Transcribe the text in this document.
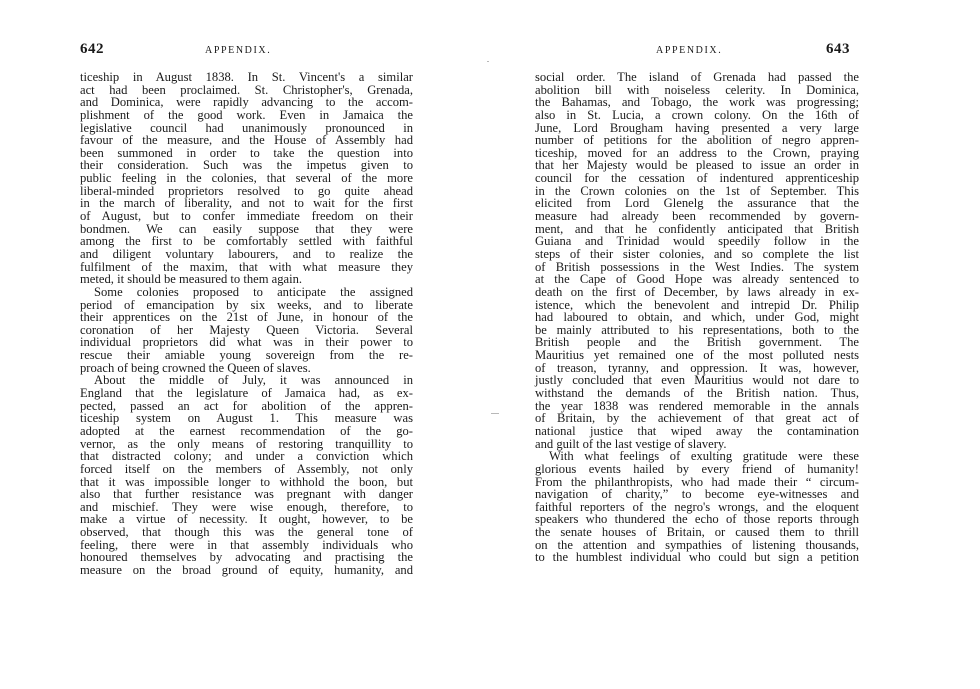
642	APPENDIX.
ticeship in August 1838. In St. Vincent's a similar
act had been proclaimed. St. Christopher's, Grenada,
and Dominica, were rapidly advancing to the accom-
plishment of the good work. Even in Jamaica the
legislative council had unanimously pronounced in
favour of the measure, and the House of Assembly had
been summoned in order to take the question into
their consideration. Such was the impetus given to
public feeling in the colonies, that several of the more
liberal-minded proprietors resolved to go quite ahead
in the march of liberality, and not to wait for the first
of August, but to confer immediate freedom on their
bondmen. We can easily suppose that they were
among the first to be comfortably settled with faithful
and diligent voluntary labourers, and to realize the
fulfilment of the maxim, that with what measure they
meted, it should be measured to them again.
Some colonies proposed to anticipate the assigned
period of emancipation by six weeks, and to liberate
their apprentices on the 21st of June, in honour of the
coronation of her Majesty Queen Victoria. Several
individual proprietors did what was in their power to
rescue their amiable young sovereign from the re-
proach of being crowned the Queen of slaves.
About the middle of July, it was announced in
England that the legislature of Jamaica had, as ex-
pected, passed an act for abolition of the appren-
ticeship system on August 1. This measure was
adopted at the earnest recommendation of the go-
vernor, as the only means of restoring tranquillity to
that distracted colony; and under a conviction which
forced itself on the members of Assembly, not only
that it was impossible longer to withhold the boon, but
also that further resistance was pregnant with danger
and mischief. They were wise enough, therefore, to
make a virtue of necessity. It ought, however, to be
observed, that though this was the general tone of
feeling, there were in that assembly individuals who
honoured themselves by advocating and practising the
measure on the broad ground of equity, humanity, and
643
APPENDIX.
social order. The island of Grenada had passed the
abolition bill with noiseless celerity. In Dominica,
the Bahamas, and Tobago, the work was progressing;
also in St. Lucia, a crown colony. On the 16th of
June, Lord Brougham having presented a very large
number of petitions for the abolition of negro appren-
ticeship, moved for an address to the Crown, praying
that her Majesty would be pleased to issue an order in
council for the cessation of indentured apprenticeship
in the Crown colonies on the 1st of September. This
elicited from Lord Glenelg the assurance that the
measure had already been recommended by govern-
ment, and that he confidently anticipated that British
Guiana and Trinidad would speedily follow in the
steps of their sister colonies, and so complete the list
of British possessions in the West Indies. The system
at the Cape of Good Hope was already sentenced to
death on the first of December, by laws already in ex-
istence, which the benevolent and intrepid Dr. Philip
had laboured to obtain, and which, under God, might
be mainly attributed to his representations, both to the
British people and the British government. The
Mauritius yet remained one of the most polluted nests
of treason, tyranny, and oppression. It was, however,
justly concluded that even Mauritius would not dare to
withstand the demands of the British nation. Thus,
the year 1838 was rendered memorable in the annals
of Britain, by the achievement of that great act of
national justice that wiped away the contamination
and guilt of the last vestige of slavery.
With what feelings of exulting gratitude were these
glorious events hailed by every friend of humanity!
From the philanthropists, who had made their “ circum-
navigation of charity,” to become eye-witnesses and
faithful reporters of the negro's wrongs, and the eloquent
speakers who thundered the echo of those reports through
the senate houses of Britain, or caused them to thrill
on the attention and sympathies of listening thousands,
to the humblest individual who could but sign a petition
